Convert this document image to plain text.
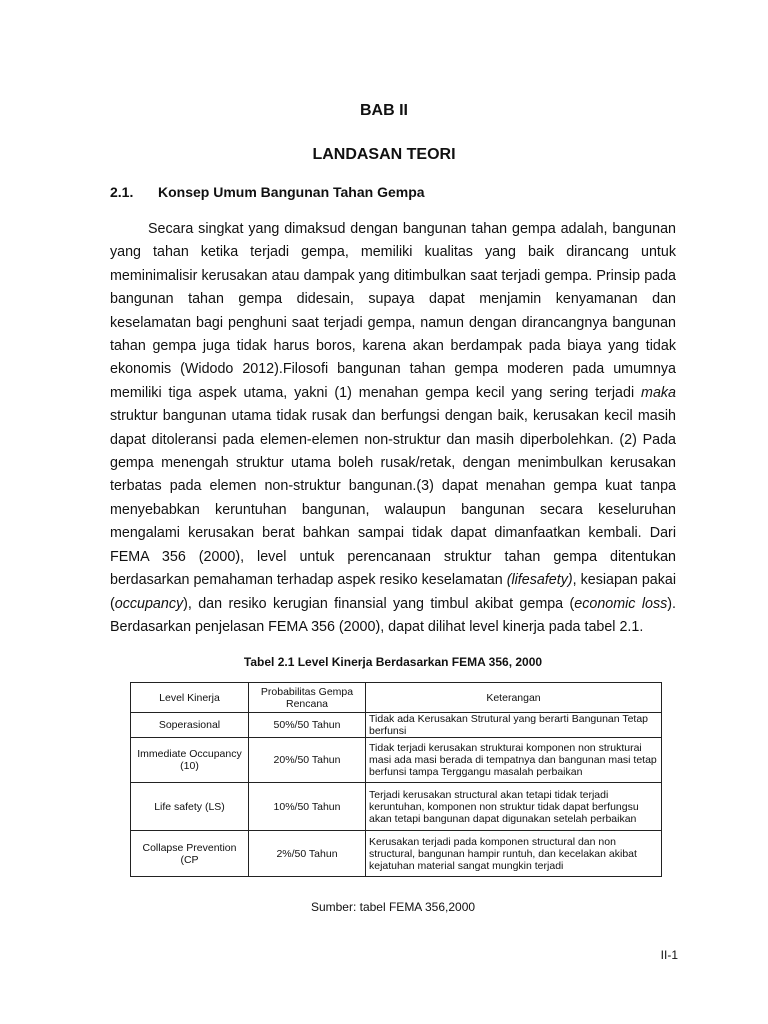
BAB II
LANDASAN TEORI
2.1.	Konsep Umum Bangunan Tahan Gempa

Secara singkat yang dimaksud dengan bangunan tahan gempa adalah, bangunan yang tahan ketika terjadi gempa, memiliki kualitas yang baik dirancang untuk meminimalisir kerusakan atau dampak yang ditimbulkan saat terjadi gempa. Prinsip pada bangunan tahan gempa didesain, supaya dapat menjamin kenyamanan dan keselamatan bagi penghuni saat terjadi gempa, namun dengan dirancangnya bangunan tahan gempa juga tidak harus boros, karena akan berdampak pada biaya yang tidak ekonomis (Widodo 2012).Filosofi bangunan tahan gempa moderen pada umumnya memiliki tiga aspek utama, yakni (1) menahan gempa kecil yang sering terjadi maka struktur bangunan utama tidak rusak dan berfungsi dengan baik, kerusakan kecil masih dapat ditoleransi pada elemen-elemen non-struktur dan masih diperbolehkan. (2) Pada gempa menengah struktur utama boleh rusak/retak, dengan menimbulkan kerusakan terbatas pada elemen non-struktur bangunan.(3) dapat menahan gempa kuat tanpa menyebabkan keruntuhan bangunan, walaupun bangunan secara keseluruhan mengalami kerusakan berat bahkan sampai tidak dapat dimanfaatkan kembali. Dari FEMA 356 (2000), level untuk perencanaan struktur tahan gempa ditentukan berdasarkan pemahaman terhadap aspek resiko keselamatan (lifesafety), kesiapan pakai (occupancy), dan resiko kerugian finansial yang timbul akibat gempa (economic loss). Berdasarkan penjelasan FEMA 356 (2000), dapat dilihat level kinerja pada tabel 2.1.

Tabel 2.1 Level Kinerja Berdasarkan FEMA 356, 2000
Level Kinerja	Probabilitas Gempa Rencana	Keterangan
Soperasional	50%/50 Tahun	Tidak ada Kerusakan Strutural yang berarti Bangunan Tetap berfunsi
Immediate Occupancy (10)	20%/50 Tahun	Tidak terjadi kerusakan strukturai komponen non strukturai masi ada masi berada di tempatnya dan bangunan masi tetap berfunsi tampa Terggangu masalah perbaikan
Life safety (LS)	10%/50 Tahun	Terjadi kerusakan structural akan tetapi tidak terjadi keruntuhan, komponen non struktur tidak dapat berfungsu akan tetapi bangunan dapat digunakan setelah perbaikan
Collapse Prevention (CP	2%/50 Tahun	Kerusakan terjadi pada komponen structural dan non structural, bangunan hampir runtuh, dan kecelakan akibat kejatuhan material sangat mungkin terjadi
Sumber: tabel FEMA 356,2000
II-1
